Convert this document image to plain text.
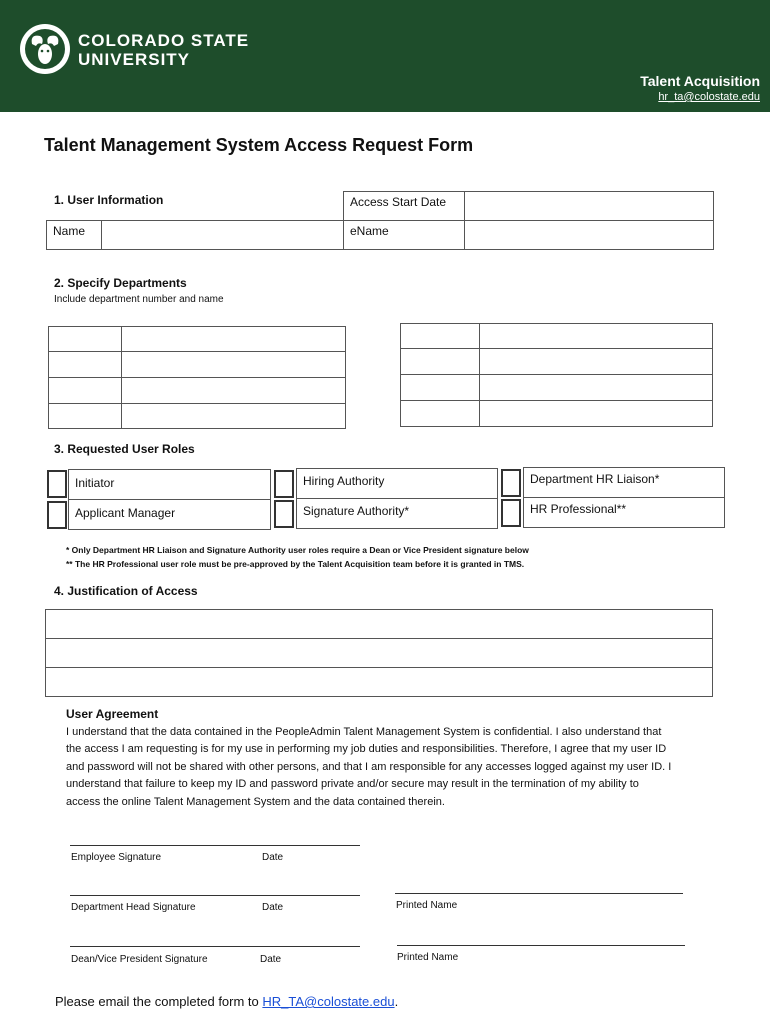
COLORADO STATE
UNIVERSITY
Talent Acquisition
hr_ta@colostate.edu
Talent Management System Access Request Form
1. User Information	Access Start Date
Name	eName
2. Specify Departments
Include department number and name
3. Requested User Roles
Initiator	Hiring Authority	Department HR Liaison*
Applicant Manager	Signature Authority*	HR Professional**
* Only Department HR Liaison and Signature Authority user roles require a Dean or Vice President signature below
** The HR Professional user role must be pre-approved by the Talent Acquisition team before it is granted in TMS.
4. Justification of Access
User Agreement
I understand that the data contained in the PeopleAdmin Talent Management System is confidential. I also understand that
the access I am requesting is for my use in performing my job duties and responsibilities. Therefore, I agree that my user ID
and password will not be shared with other persons, and that I am responsible for any accesses logged against my user ID. I
understand that failure to keep my ID and password private and/or secure may result in the termination of my ability to
access the online Talent Management System and the data contained therein.
Employee Signature	Date
Department Head Signature	Date	Printed Name
Dean/Vice President Signature	Date	Printed Name
Please email the completed form to HR_TA@colostate.edu.
